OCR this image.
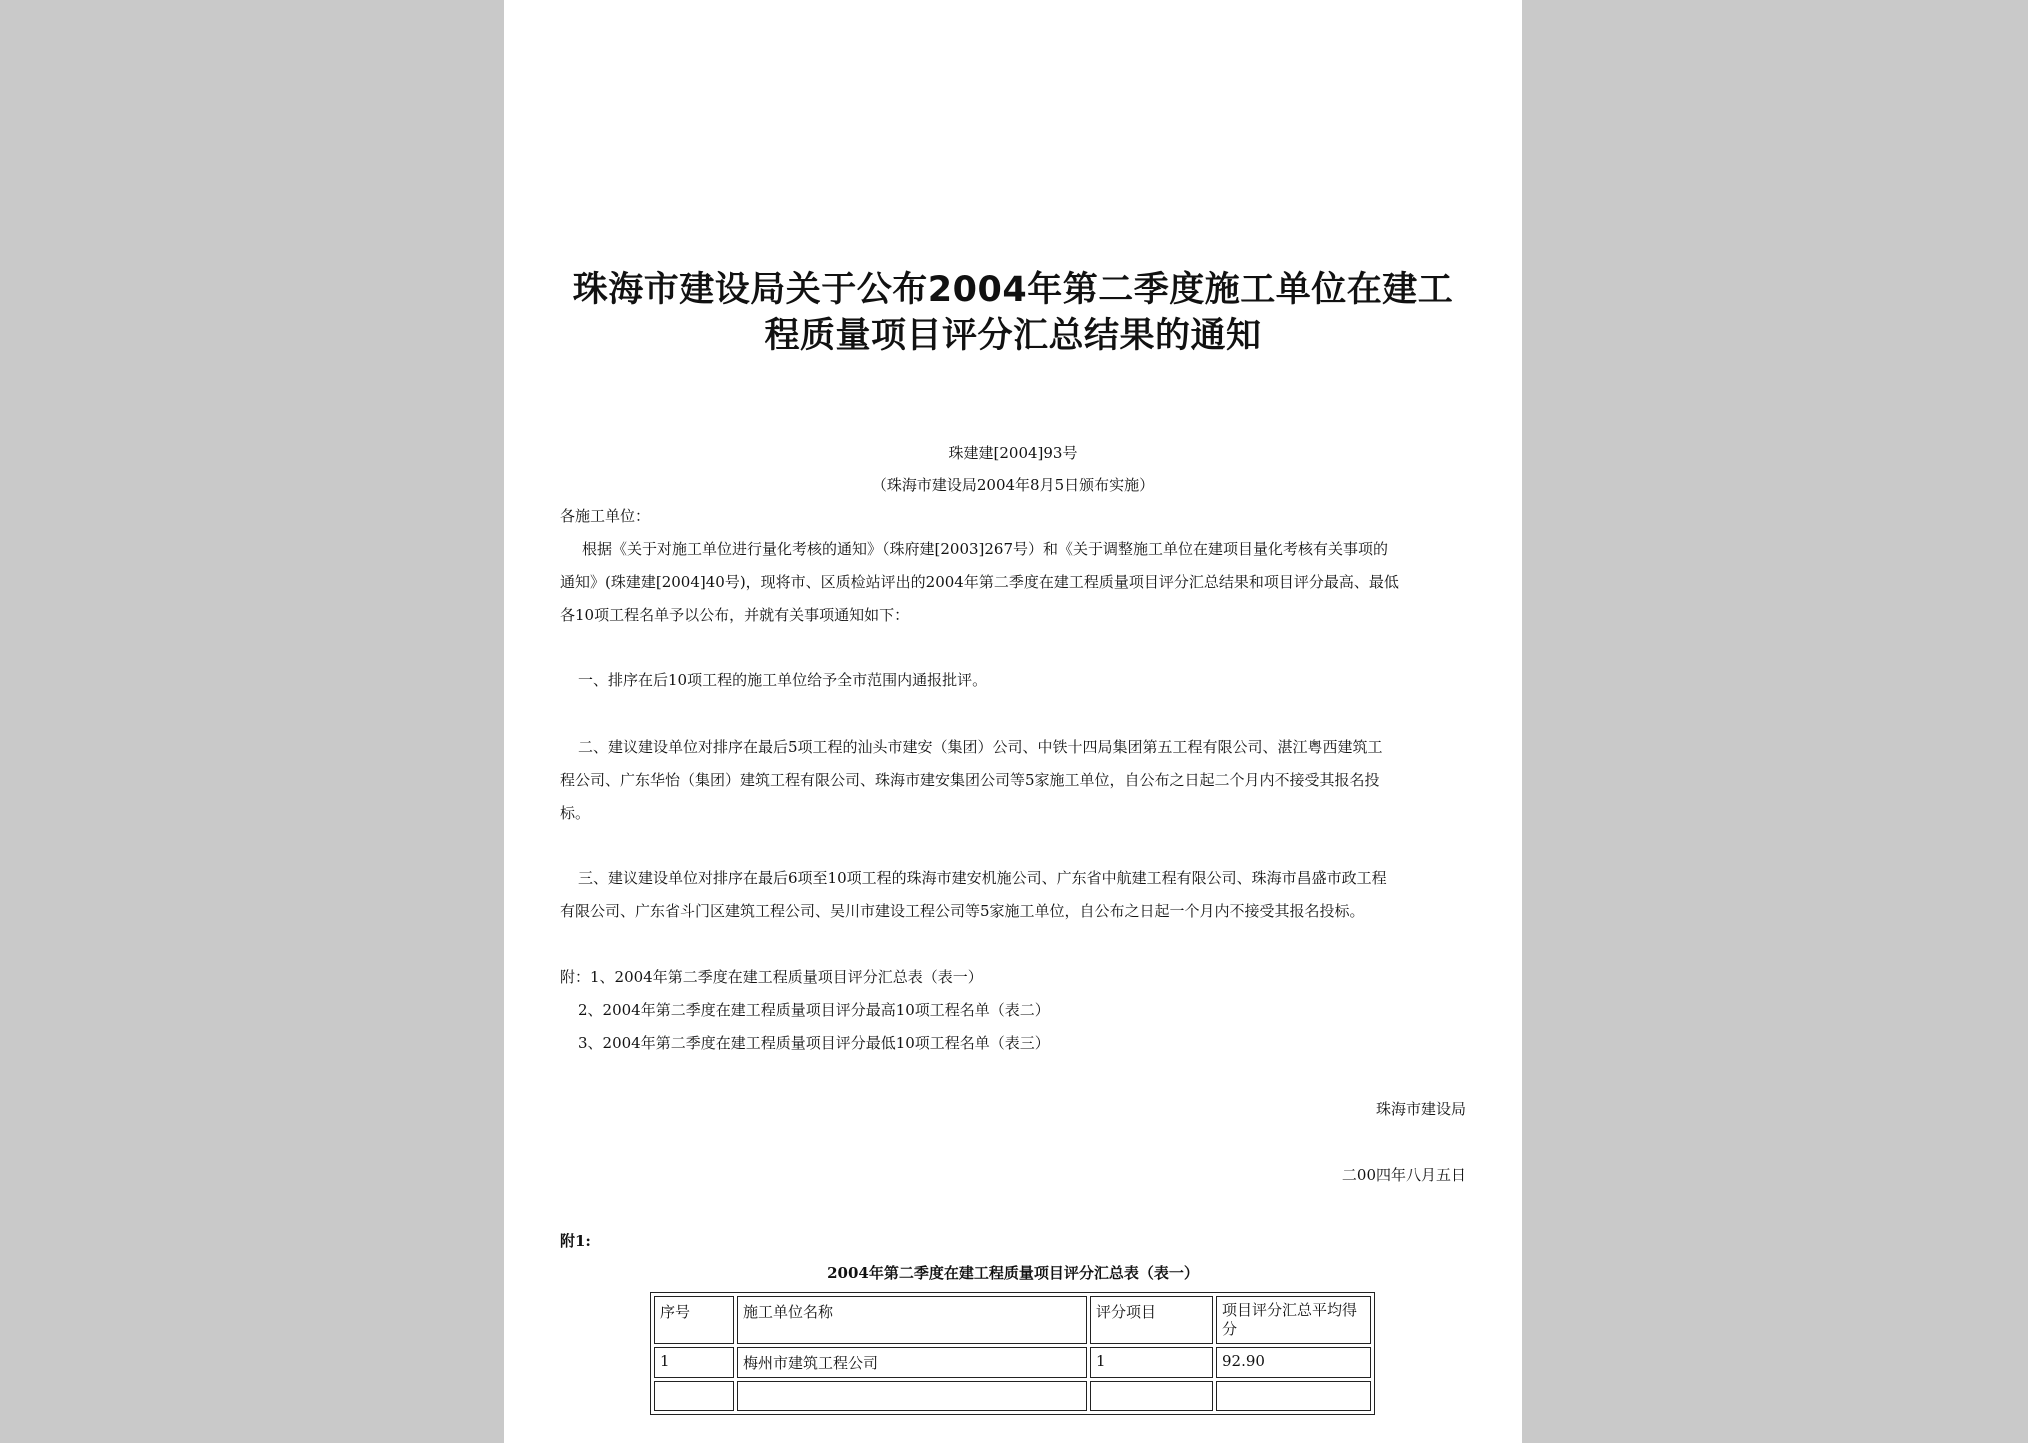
珠海市建设局关于公布2004年第二季度施工单位在建工
程质量项目评分汇总结果的通知
珠建建[2004]93号
（珠海市建设局2004年8月5日颁布实施）
各施工单位：
根据《关于对施工单位进行量化考核的通知》（珠府建[2003]267号）和《关于调整施工单位在建项目量化考核有关事项的
通知》(珠建建[2004]40号)，现将市、区质检站评出的2004年第二季度在建工程质量项目评分汇总结果和项目评分最高、最低
各10项工程名单予以公布，并就有关事项通知如下：
一、排序在后10项工程的施工单位给予全市范围内通报批评。
二、建议建设单位对排序在最后5项工程的汕头市建安（集团）公司、中铁十四局集团第五工程有限公司、湛江粤西建筑工
程公司、广东华怡（集团）建筑工程有限公司、珠海市建安集团公司等5家施工单位，自公布之日起二个月内不接受其报名投
标。
三、建议建设单位对排序在最后6项至10项工程的珠海市建安机施公司、广东省中航建工程有限公司、珠海市昌盛市政工程
有限公司、广东省斗门区建筑工程公司、吴川市建设工程公司等5家施工单位，自公布之日起一个月内不接受其报名投标。
附：1、2004年第二季度在建工程质量项目评分汇总表（表一）
2、2004年第二季度在建工程质量项目评分最高10项工程名单（表二）
3、2004年第二季度在建工程质量项目评分最低10项工程名单（表三）
珠海市建设局
二00四年八月五日
附1:
2004年第二季度在建工程质量项目评分汇总表（表一）
序号	施工单位名称	评分项目	项目评分汇总平均得分
1	梅州市建筑工程公司	1	92.90
